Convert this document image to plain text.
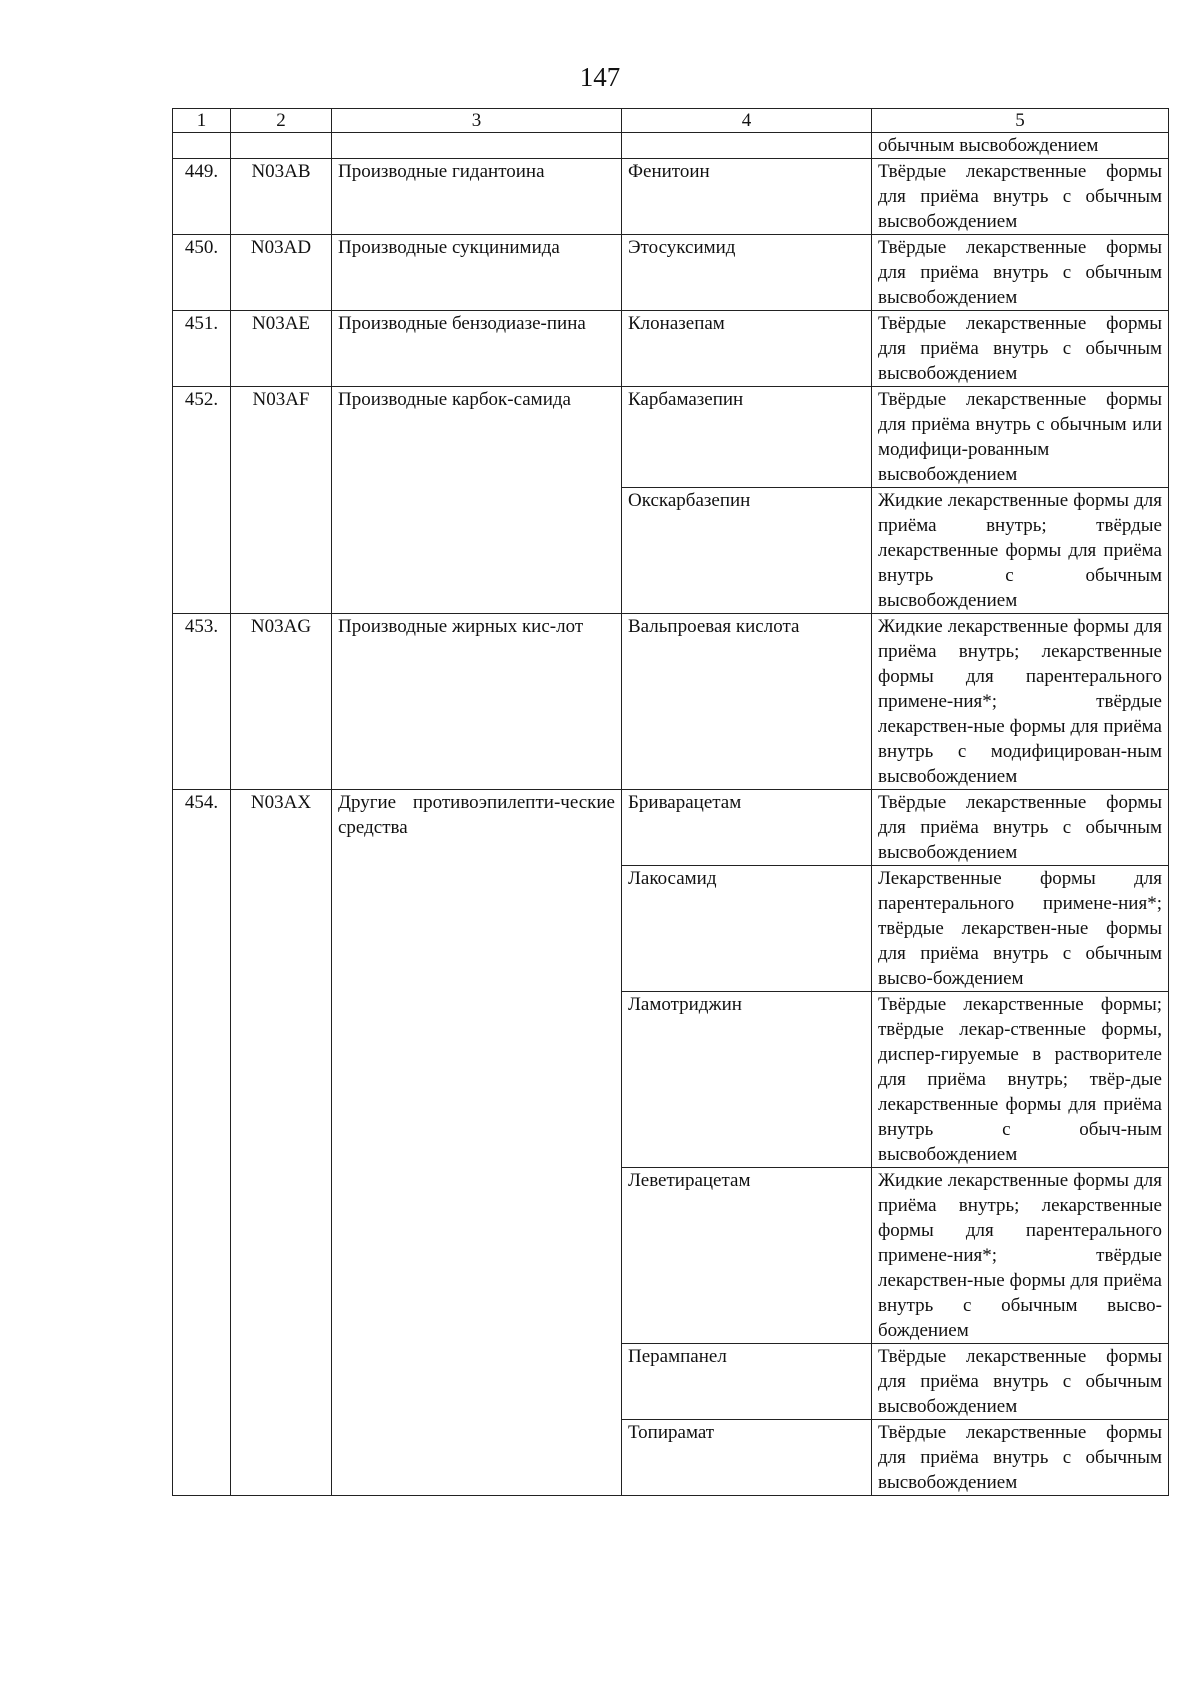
147
1	2	3	4	5
				обычным высвобождением
449.	N03AB	Производные гидантоина	Фенитоин	Твёрдые лекарственные формы для приёма внутрь с обычным высвобождением
450.	N03AD	Производные сукцинимида	Этосуксимид	Твёрдые лекарственные формы для приёма внутрь с обычным высвобождением
451.	N03AE	Производные бензодиазе-пина	Клоназепам	Твёрдые лекарственные формы для приёма внутрь с обычным высвобождением
452.	N03AF	Производные карбок-самида	Карбамазепин	Твёрдые лекарственные формы для приёма внутрь с обычным или модифици-рованным высвобождением
			Окскарбазепин	Жидкие лекарственные формы для приёма внутрь; твёрдые лекарственные формы для приёма внутрь с обычным высвобождением
453.	N03AG	Производные жирных кис-лот	Вальпроевая кислота	Жидкие лекарственные формы для приёма внутрь; лекарственные формы для парентерального примене-ния*; твёрдые лекарствен-ные формы для приёма внутрь с модифицирован-ным высвобождением
454.	N03AX	Другие противоэпилепти-ческие средства	Бриварацетам	Твёрдые лекарственные формы для приёма внутрь с обычным высвобождением
			Лакосамид	Лекарственные формы для парентерального примене-ния*; твёрдые лекарствен-ные формы для приёма внутрь с обычным высво-бождением
			Ламотриджин	Твёрдые лекарственные формы; твёрдые лекар-ственные формы, диспер-гируемые в растворителе для приёма внутрь; твёр-дые лекарственные формы для приёма внутрь с обыч-ным высвобождением
			Леветирацетам	Жидкие лекарственные формы для приёма внутрь; лекарственные формы для парентерального примене-ния*; твёрдые лекарствен-ные формы для приёма внутрь с обычным высво-бождением
			Перампанел	Твёрдые лекарственные формы для приёма внутрь с обычным высвобождением
			Топирамат	Твёрдые лекарственные формы для приёма внутрь с обычным высвобождением
